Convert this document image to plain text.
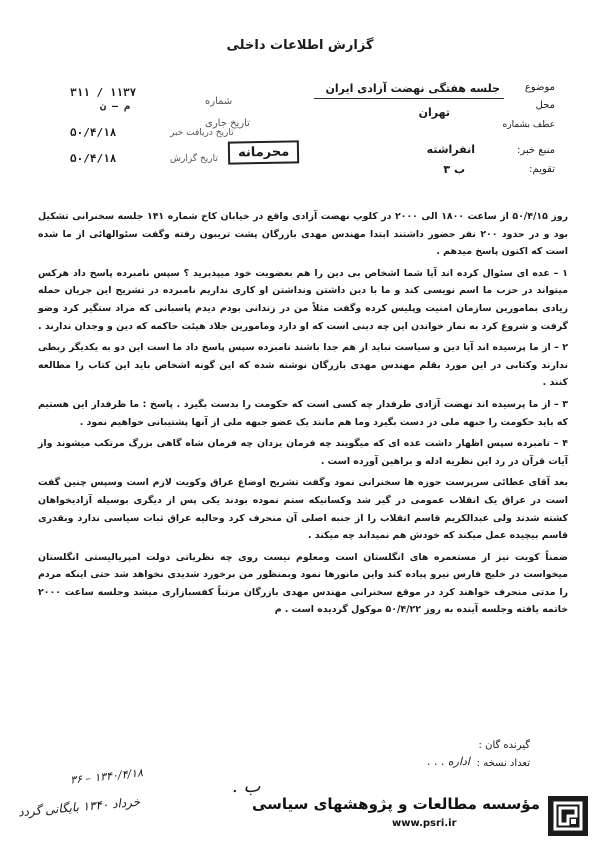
گزارش اطلاعات داخلی
۳۱۱ / ۱۱۳۷
م – ن	شماره
تاریخ جاری
۵۰/۴/۱۸	تاریخ دریافت خبر
۵۰/۴/۱۸	تاریخ گزارش	محرمانه
موضوع
جلسه هفتگی نهضت آزادی ایران
محل
تهران
عطف بشماره
منبع خبر:
انفراشته
تقویم:
ب ۳

روز ۵۰/۴/۱۵ از ساعت ۱۸۰۰ الی ۲۰۰۰ در کلوپ نهضت آزادی واقع در خیابان کاخ شماره ۱۴۱ جلسه سخنرانی تشکیل بود و در حدود ۲۰۰ نفر حضور داشتند ابتدا مهندس مهدی بازرگان پشت تریبون رفته وگفت سئوالهائی از ما شده است که اکنون پاسخ میدهم .

۱ – عده ای سئوال کرده اند آیا شما اشخاص بی دین را هم بعضویت خود میپذیرید ؟ سپس نامبرده پاسخ داد هرکس میتواند در حزب ما اسم نویسی کند و ما با دین داشتن ونداشتن او کاری نداریم نامبرده در تشریح این جریان حمله زیادی بمامورین سازمان امنیت وپلیس کرده وگفت مثلاً من در زندانی بودم دیدم پاسبانی که مراد ستگیر کرد وضو گرفت و شروع کرد به نماز خواندن این چه دینی است که او دارد ومامورین جلاد هیئت حاکمه که دین و وجدان ندارند .

۲ – از ما پرسیده اند آیا دین و سیاست نباید از هم جدا باشند نامبرده سپس پاسخ داد ما است این دو به یکدیگر ربطی ندارند وکتابی در این مورد بقلم مهندس مهدی بازرگان نوشته شده که این گونه اشخاص باید این کتاب را مطالعه کنند .

۳ – از ما پرسیده اند نهضت آزادی طرفدار چه کسی است که حکومت را بدست بگیرد . پاسخ : ما طرفدار این هستیم که باید حکومت را جبهه ملی در دست بگیرد وما هم مانند یک عضو جبهه ملی از آنها پشتیبانی خواهیم نمود .

۴ – نامبرده سپس اظهار داشت عده ای که میگویند چه فرمان یزدان چه فرمان شاه گاهی بزرگ مرتکب میشوند واز آیات قرآن در رد این نظریه ادله و براهین آورده است .

بعد آقای عطائی سرپرست حوزه ها سخنرانی نمود وگفت تشریح اوضاع عراق وکویت لازم است وسپس چنین گفت است در عراق یک انقلاب عمومی در گیر شد وکسانیکه ستم نموده بودند یکی پس از دیگری بوسیله آزادیخواهان کشته شدند ولی عبدالکریم قاسم انقلاب را از جنبه اصلی آن منحرف کرد وحالیه عراق ثبات سیاسی ندارد وبقدری قاسم بیچیده عمل میکند که خودش هم نمیداند چه میکند .

ضمناً کویت نیز از مستعمره های انگلستان است ومعلوم نیست روی چه نظریاتی دولت امپریالیستی انگلستان میخواست در خلیج فارس نیرو پیاده کند واین مانورها نمود وبمنظور من برخورد شدیدی نخواهد شد حتی اینکه مردم را مدتی منحرف خواهند کرد در موقع سخنرانی مهندس مهدی بازرگان مرتباً کفسبازاری میشد وجلسه ساعت ۲۰۰۰ خاتمه یافته وجلسه آینده به روز ۵۰/۴/۲۲ موکول گردیده است . م

گیرنده گان :
تعداد نسخه :
اداره . . .
ب .
۱۳۴۰/۴/۱۸ – ۳۶
خرداد ۱۳۴۰ بایگانی گردد	مؤسسه مطالعات و پژوهشهای سیاسی
www.psri.ir
